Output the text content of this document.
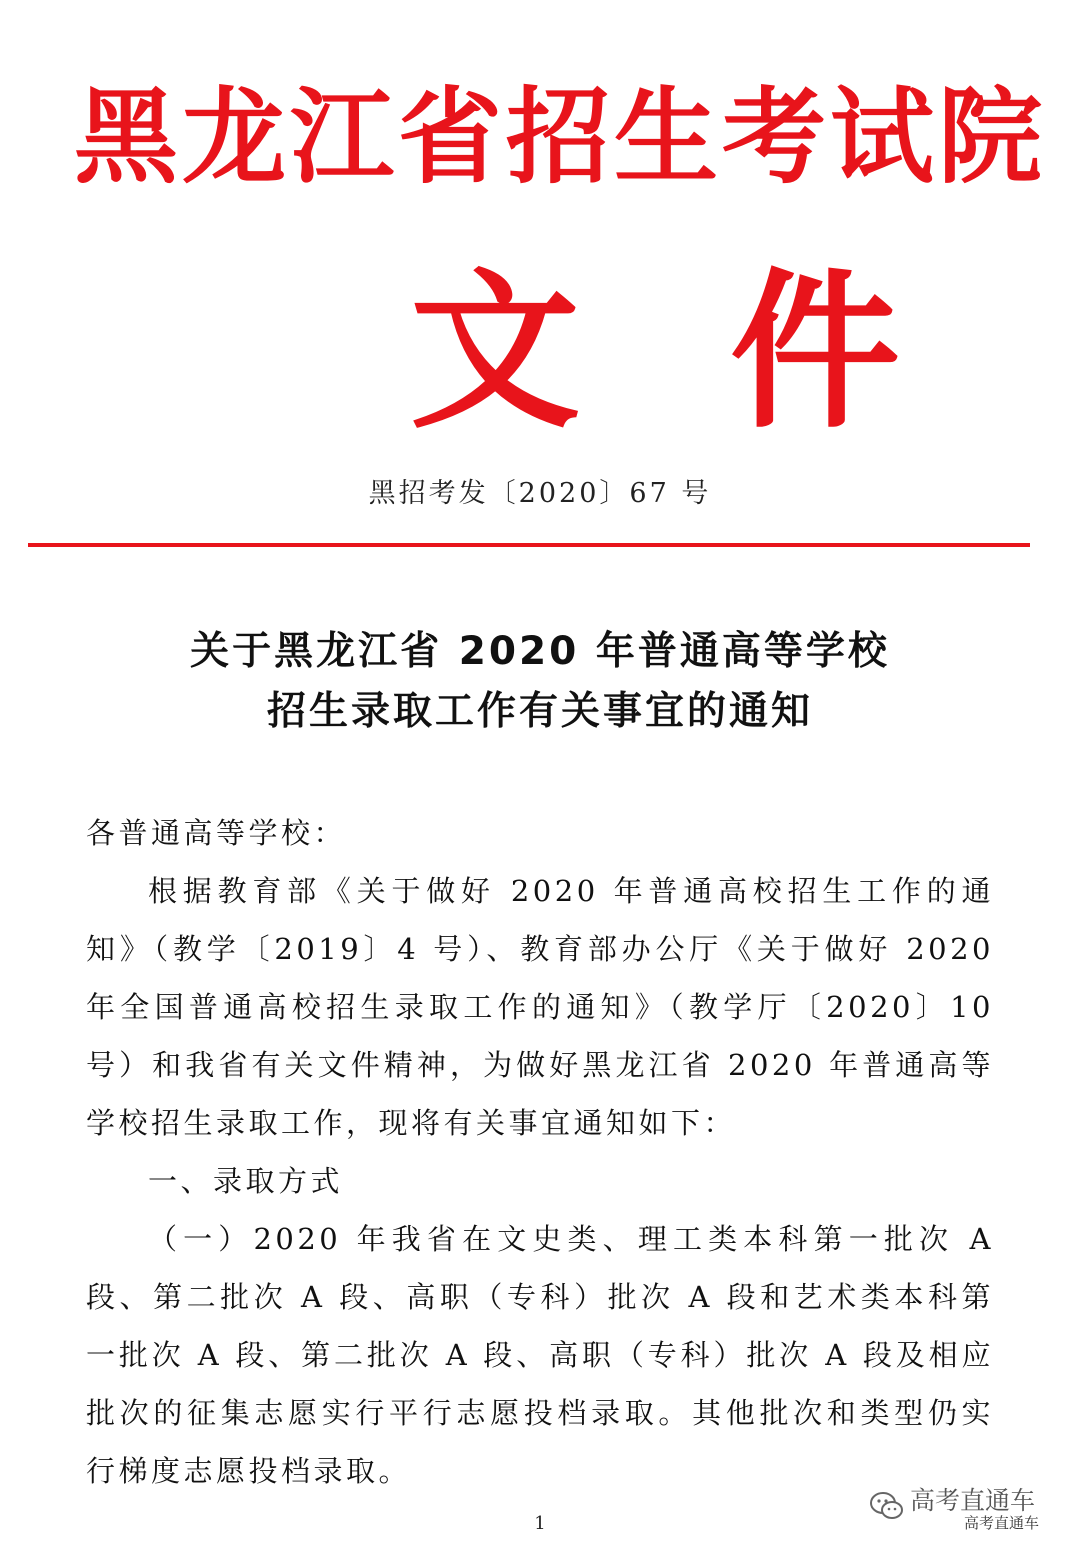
黑龙江省招生考试院
文件
黑招考发〔2020〕67 号
关于黑龙江省 2020 年普通高等学校
招生录取工作有关事宜的通知

各普通高等学校：

根据教育部《关于做好 2020 年普通高校招生工作的通知》（教学〔2019〕4 号）、教育部办公厅《关于做好 2020 年全国普通高校招生录取工作的通知》（教学厅〔2020〕10 号）和我省有关文件精神，为做好黑龙江省 2020 年普通高等学校招生录取工作，现将有关事宜通知如下：

一、录取方式

（一）2020 年我省在文史类、理工类本科第一批次 A 段、第二批次 A 段、高职（专科）批次 A 段和艺术类本科第一批次 A 段、第二批次 A 段、高职（专科）批次 A 段及相应批次的征集志愿实行平行志愿投档录取。其他批次和类型仍实行梯度志愿投档录取。

高考直通车
高考直通车
1
